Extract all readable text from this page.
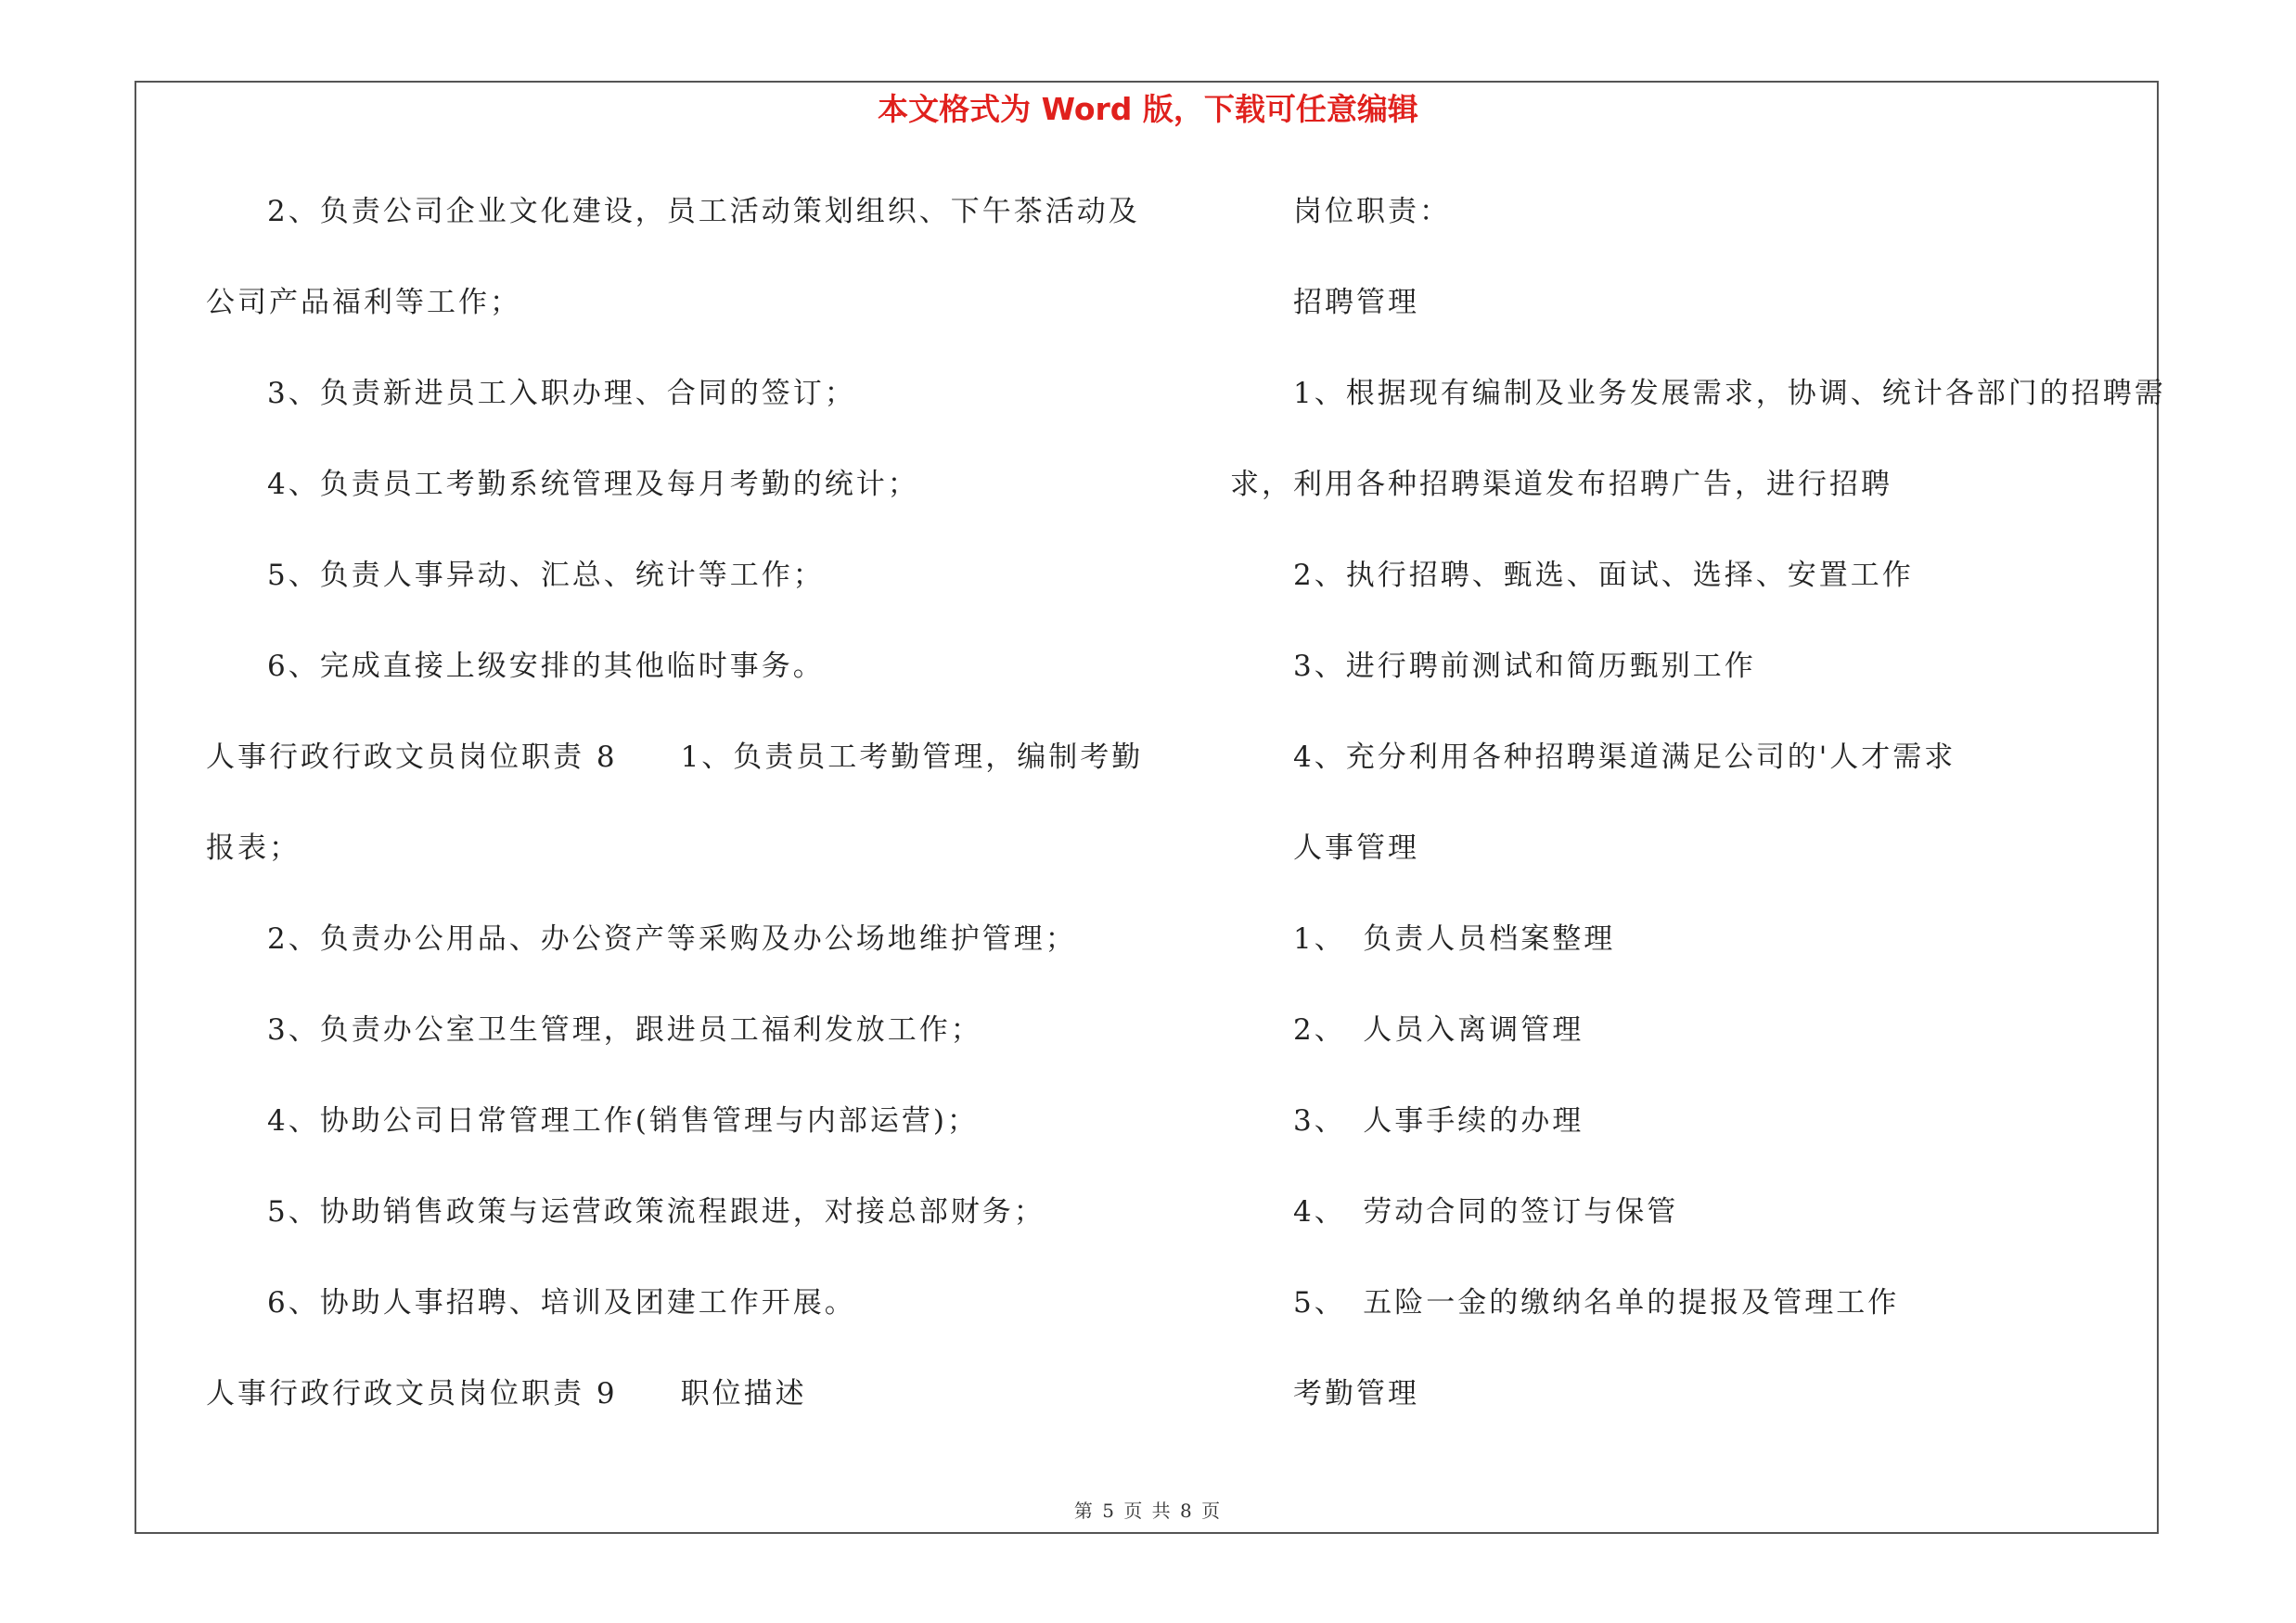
本文格式为 Word 版，下载可任意编辑
2、负责公司企业文化建设，员工活动策划组织、下午茶活动及
公司产品福利等工作；
3、负责新进员工入职办理、合同的签订；
4、负责员工考勤系统管理及每月考勤的统计；
5、负责人事异动、汇总、统计等工作；
6、完成直接上级安排的其他临时事务。
人事行政行政文员岗位职责 8　　1、负责员工考勤管理，编制考勤
报表；
2、负责办公用品、办公资产等采购及办公场地维护管理；
3、负责办公室卫生管理，跟进员工福利发放工作；
4、协助公司日常管理工作(销售管理与内部运营)；
5、协助销售政策与运营政策流程跟进，对接总部财务；
6、协助人事招聘、培训及团建工作开展。
人事行政行政文员岗位职责 9　　职位描述
岗位职责：
招聘管理
1、根据现有编制及业务发展需求，协调、统计各部门的招聘需
求，利用各种招聘渠道发布招聘广告，进行招聘
2、执行招聘、甄选、面试、选择、安置工作
3、进行聘前测试和简历甄别工作
4、充分利用各种招聘渠道满足公司的'人才需求
人事管理
1、　负责人员档案整理
2、　人员入离调管理
3、　人事手续的办理
4、　劳动合同的签订与保管
5、　五险一金的缴纳名单的提报及管理工作
考勤管理
第 5 页 共 8 页
